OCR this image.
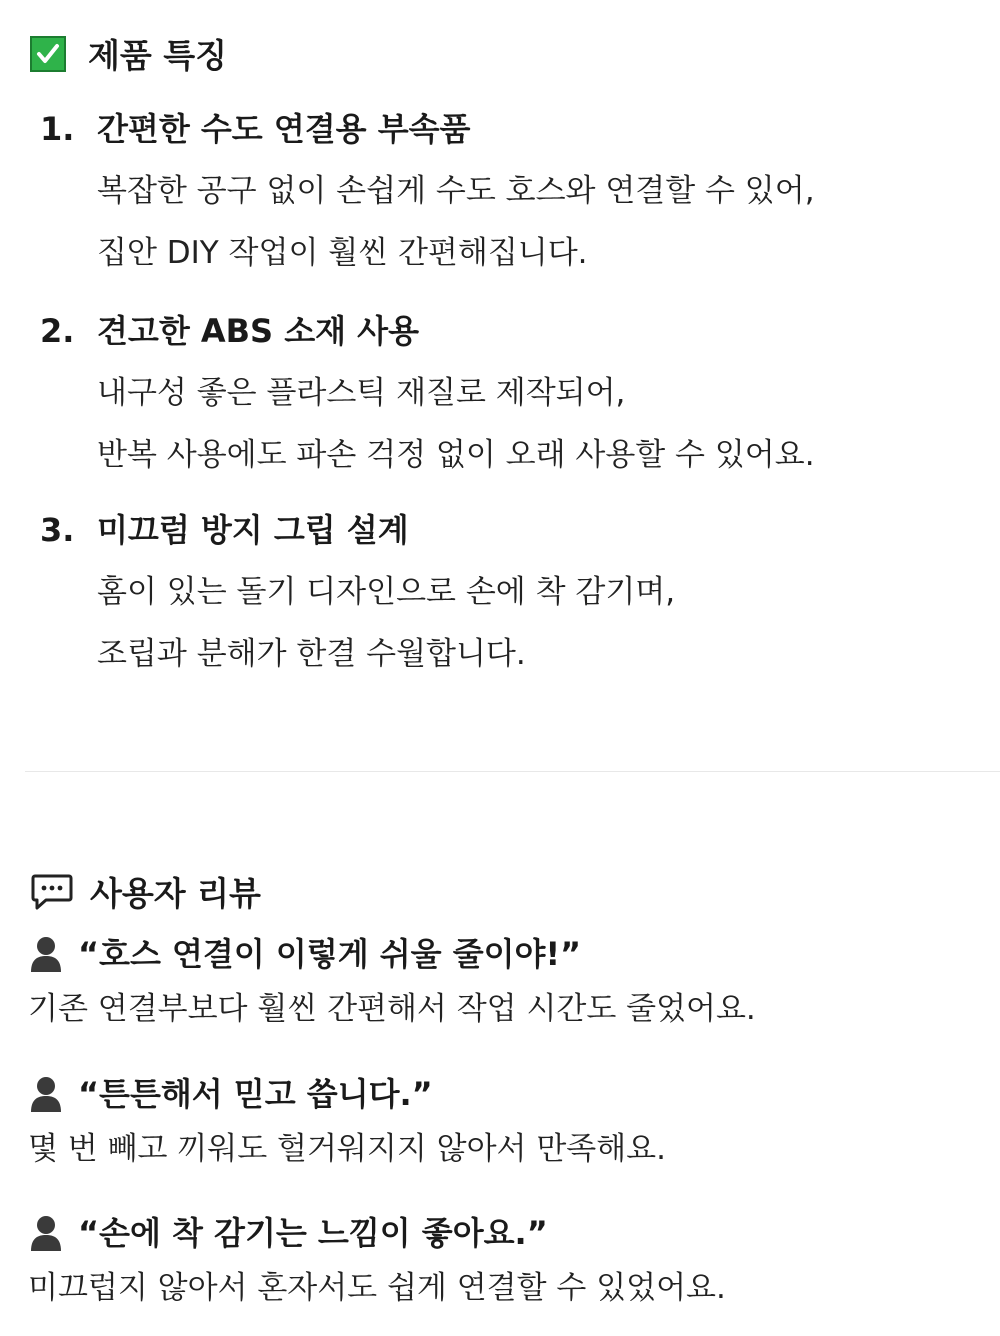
제품 특징
1. 간편한 수도 연결용 부속품
복잡한 공구 없이 손쉽게 수도 호스와 연결할 수 있어,
집안 DIY 작업이 훨씬 간편해집니다.
2. 견고한 ABS 소재 사용
내구성 좋은 플라스틱 재질로 제작되어,
반복 사용에도 파손 걱정 없이 오래 사용할 수 있어요.
3. 미끄럼 방지 그립 설계
홈이 있는 돌기 디자인으로 손에 착 감기며,
조립과 분해가 한결 수월합니다.
사용자 리뷰
“호스 연결이 이렇게 쉬울 줄이야!”
기존 연결부보다 훨씬 간편해서 작업 시간도 줄었어요.
“튼튼해서 믿고 씁니다.”
몇 번 빼고 끼워도 헐거워지지 않아서 만족해요.
“손에 착 감기는 느낌이 좋아요.”
미끄럽지 않아서 혼자서도 쉽게 연결할 수 있었어요.
